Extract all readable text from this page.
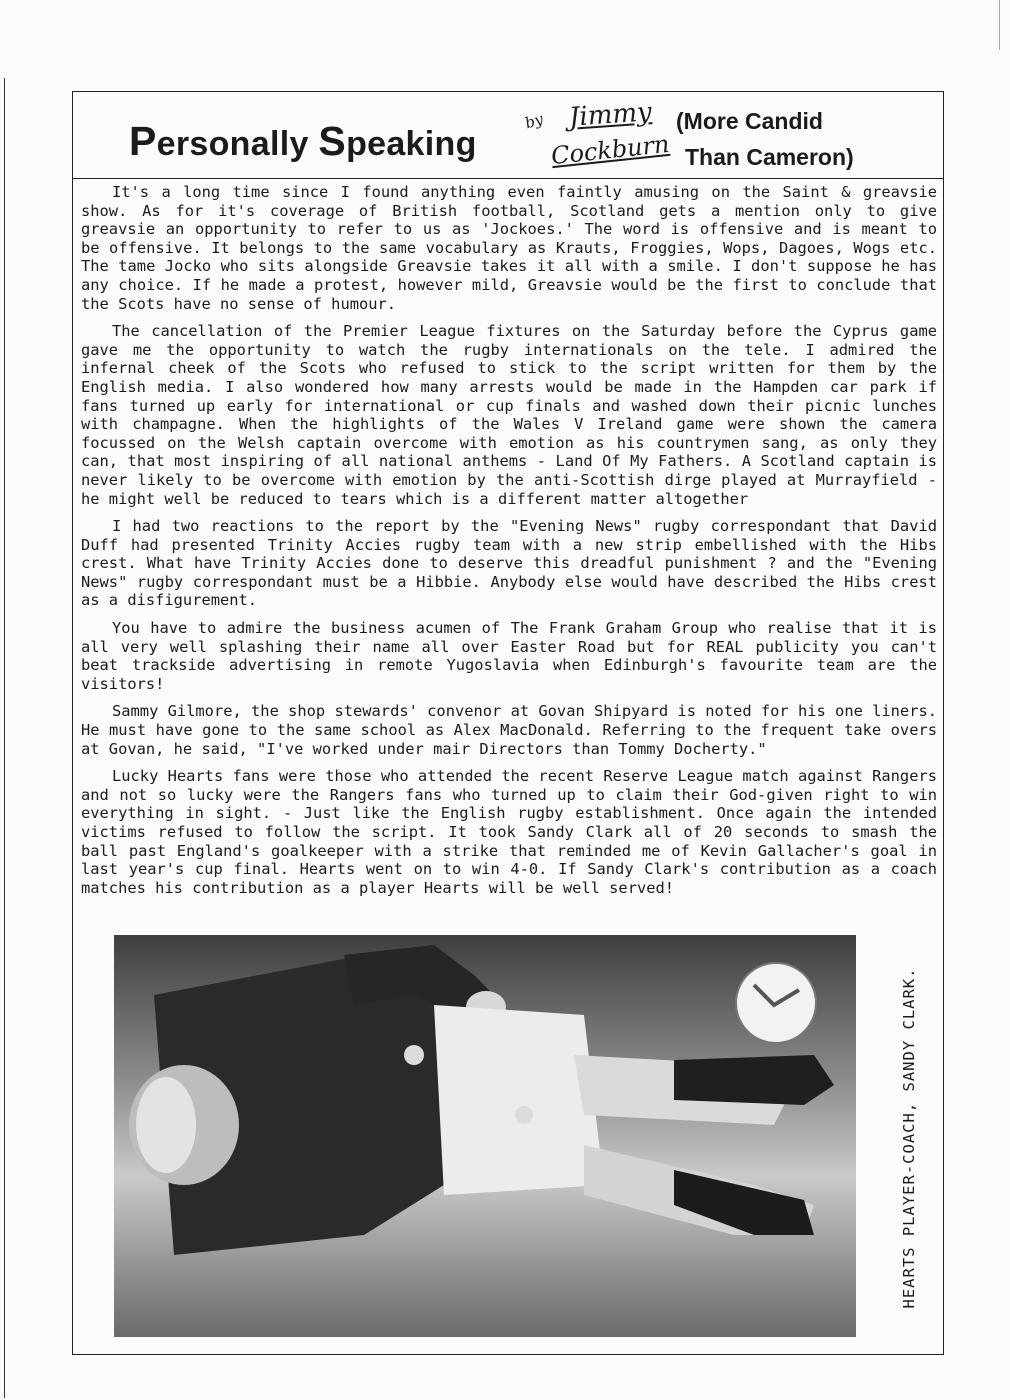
Personally Speaking
by Jimmy
Cockburn
(More Candid
Than Cameron)

It's a long time since I found anything even faintly amusing on the Saint & greavsie show. As for it's coverage of British football, Scotland gets a mention only to give greavsie an opportunity to refer to us as 'Jockoes.' The word is offensive and is meant to be offensive. It belongs to the same vocabulary as Krauts, Froggies, Wops, Dagoes, Wogs etc. The tame Jocko who sits alongside Greavsie takes it all with a smile. I don't suppose he has any choice. If he made a protest, however mild, Greavsie would be the first to conclude that the Scots have no sense of humour.

The cancellation of the Premier League fixtures on the Saturday before the Cyprus game gave me the opportunity to watch the rugby internationals on the tele. I admired the infernal cheek of the Scots who refused to stick to the script written for them by the English media. I also wondered how many arrests would be made in the Hampden car park if fans turned up early for international or cup finals and washed down their picnic lunches with champagne. When the highlights of the Wales V Ireland game were shown the camera focussed on the Welsh captain overcome with emotion as his countrymen sang, as only they can, that most inspiring of all national anthems - Land Of My Fathers. A Scotland captain is never likely to be overcome with emotion by the anti-Scottish dirge played at Murrayfield - he might well be reduced to tears which is a different matter altogether

I had two reactions to the report by the "Evening News" rugby correspondant that David Duff had presented Trinity Accies rugby team with a new strip embellished with the Hibs crest. What have Trinity Accies done to deserve this dreadful punishment ? and the "Evening News" rugby correspondant must be a Hibbie. Anybody else would have described the Hibs crest as a disfigurement.

You have to admire the business acumen of The Frank Graham Group who realise that it is all very well splashing their name all over Easter Road but for REAL publicity you can't beat trackside advertising in remote Yugoslavia when Edinburgh's favourite team are the visitors!

Sammy Gilmore, the shop stewards' convenor at Govan Shipyard is noted for his one liners. He must have gone to the same school as Alex MacDonald. Referring to the frequent take overs at Govan, he said, "I've worked under mair Directors than Tommy Docherty."

Lucky Hearts fans were those who attended the recent Reserve League match against Rangers and not so lucky were the Rangers fans who turned up to claim their God-given right to win everything in sight. - Just like the English rugby establishment. Once again the intended victims refused to follow the script. It took Sandy Clark all of 20 seconds to smash the ball past England's goalkeeper with a strike that reminded me of Kevin Gallacher's goal in last year's cup final. Hearts went on to win 4-0. If Sandy Clark's contribution as a coach matches his contribution as a player Hearts will be well served!

HEARTS PLAYER-COACH, SANDY CLARK.
